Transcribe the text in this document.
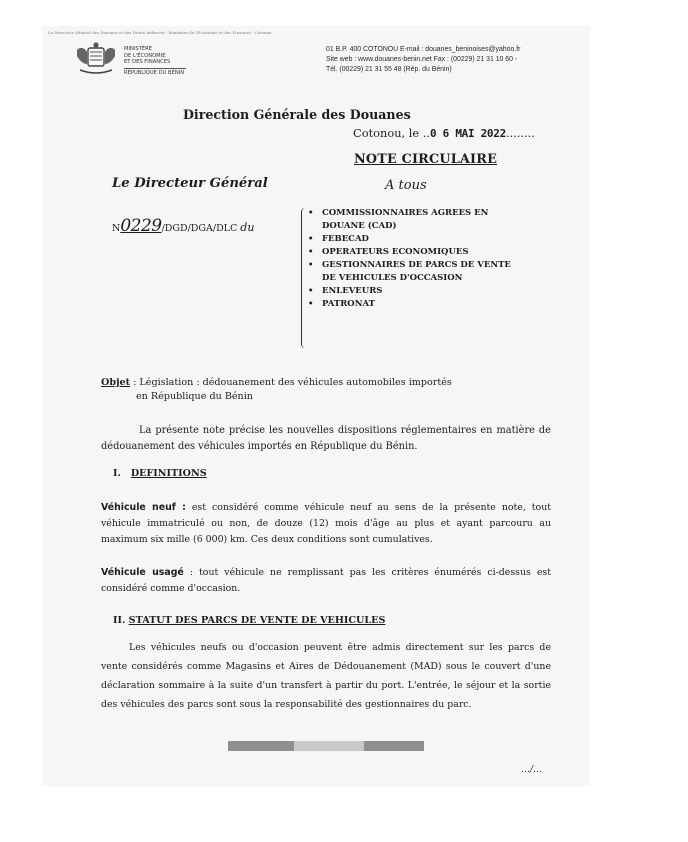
Le Directeur Général des Douanes et des Droits Indirects - Ministère de l'Economie et des Finances - Cotonou
MINISTÈRE
DE L'ÉCONOMIE
ET DES FINANCES
RÉPUBLIQUE DU BÉNIN
01 B.P. 400 COTONOU E-mail : douanes_beninoises@yahoo.fr
Site web : www.douanes-benin.net Fax : (00229) 21 31 10 60 -
Tél. (00229) 21 31 55 48 (Rép. du Bénin)
Direction Générale des Douanes
Cotonou, le ..0 6 MAI 2022........
NOTE CIRCULAIRE
A tous
Le Directeur Général
N0229/DGD/DGA/DLC du
•	COMMISSIONNAIRES AGREES EN
DOUANE (CAD)
•	FEBECAD
•	OPERATEURS ECONOMIQUES
•	GESTIONNAIRES DE PARCS DE VENTE
DE VEHICULES D'OCCASION
•	ENLEVEURS
•	PATRONAT
Objet : Législation : dédouanement des véhicules automobiles importés
en République du Bénin
La présente note précise les nouvelles dispositions réglementaires en matière de dédouanement des véhicules importés en République du Bénin.
I. DEFINITIONS
Véhicule neuf : est considéré comme véhicule neuf au sens de la présente note, tout véhicule immatriculé ou non, de douze (12) mois d'âge au plus et ayant parcouru au maximum six mille (6 000) km. Ces deux conditions sont cumulatives.
Véhicule usagé : tout véhicule ne remplissant pas les critères énumérés ci-dessus est considéré comme d'occasion.
II. STATUT DES PARCS DE VENTE DE VEHICULES
Les véhicules neufs ou d'occasion peuvent être admis directement sur les parcs de vente considérés comme Magasins et Aires de Dédouanement (MAD) sous le couvert d'une déclaration sommaire à la suite d'un transfert à partir du port. L'entrée, le séjour et la sortie des véhicules des parcs sont sous la responsabilité des gestionnaires du parc.
…/…
